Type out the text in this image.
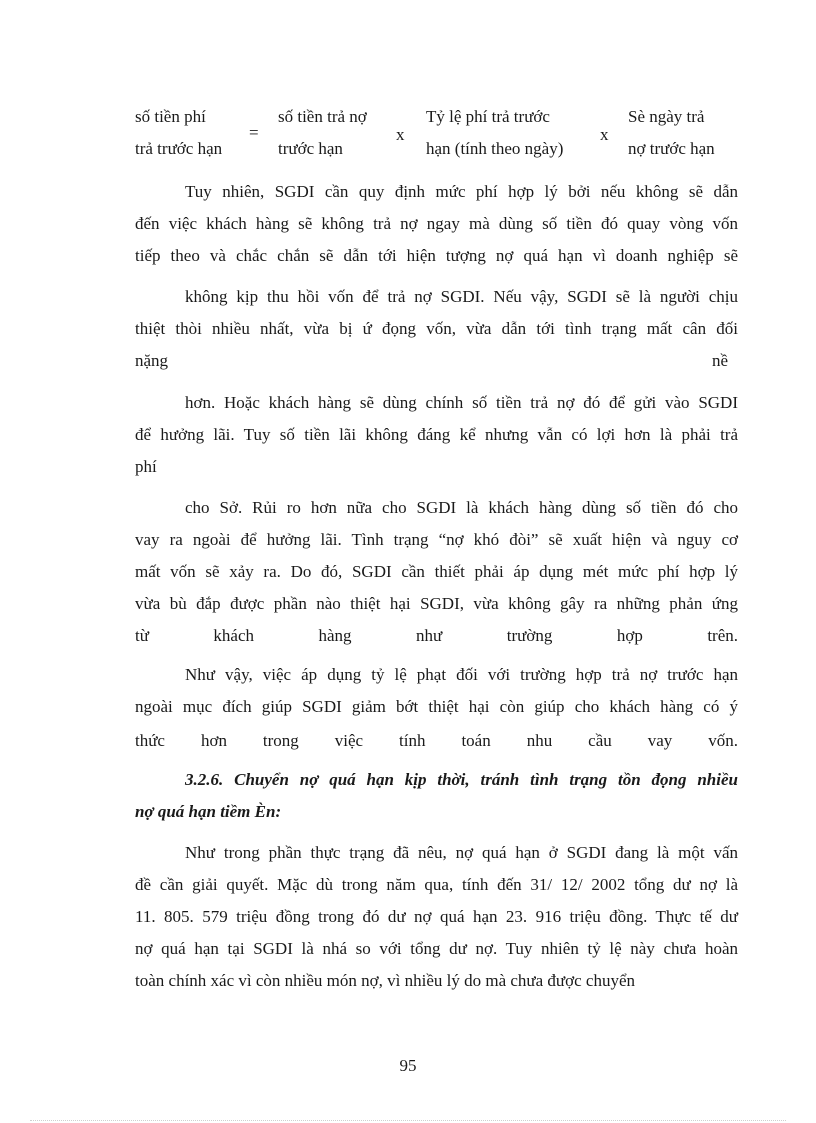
số tiền phí
trả trước hạn
=
số tiền trả nợ
trước hạn
x
Tỷ lệ phí trả trước
hạn (tính theo ngày)
x
Sè ngày trả
nợ trước hạn
Tuy nhiên, SGDI cần quy định mức phí hợp lý bởi nếu không sẽ dẫn
đến việc khách hàng sẽ không trả nợ ngay mà dùng số tiền đó quay vòng vốn
tiếp theo và chắc chắn sẽ dẫn tới hiện tượng nợ quá hạn vì doanh nghiệp sẽ
không kịp thu hồi vốn để trả nợ SGDI. Nếu vậy, SGDI sẽ là người chịu
thiệt thòi nhiều nhất, vừa bị ứ đọng vốn, vừa dẫn tới tình trạng mất cân đối
nặng	nề
hơn. Hoặc khách hàng sẽ dùng chính số tiền trả nợ đó để gửi vào SGDI
để hưởng lãi. Tuy số tiền lãi không đáng kể nhưng vẫn có lợi hơn là phải trả
phí
cho Sở. Rủi ro hơn nữa cho SGDI là khách hàng dùng số tiền đó cho
vay ra ngoài để hưởng lãi. Tình trạng “nợ khó đòi” sẽ xuất hiện và nguy cơ
mất vốn sẽ xảy ra. Do đó, SGDI cần thiết phải áp dụng mét mức phí hợp lý
vừa bù đắp được phần nào thiệt hại SGDI, vừa không gây ra những phản ứng
từ khách hàng như trường hợp trên.
Như vậy, việc áp dụng tỷ lệ phạt đối với trường hợp trả nợ trước hạn
ngoài mục đích giúp SGDI giảm bớt thiệt hại còn giúp cho khách hàng có ý
thức hơn trong việc tính toán nhu cầu vay vốn.
3.2.6. Chuyển nợ quá hạn kịp thời, tránh tình trạng tồn đọng nhiều
nợ quá hạn tiềm Èn:
Như trong phần thực trạng đã nêu, nợ quá hạn ở SGDI đang là một vấn
đề cần giải quyết. Mặc dù trong năm qua, tính đến 31/ 12/ 2002 tổng dư nợ là
11. 805. 579 triệu đồng trong đó dư nợ quá hạn 23. 916 triệu đồng. Thực tế dư
nợ quá hạn tại SGDI là nhá so với tổng dư nợ. Tuy nhiên tỷ lệ này chưa hoàn
toàn chính xác vì còn nhiều món nợ, vì nhiều lý do mà chưa được chuyển
95
